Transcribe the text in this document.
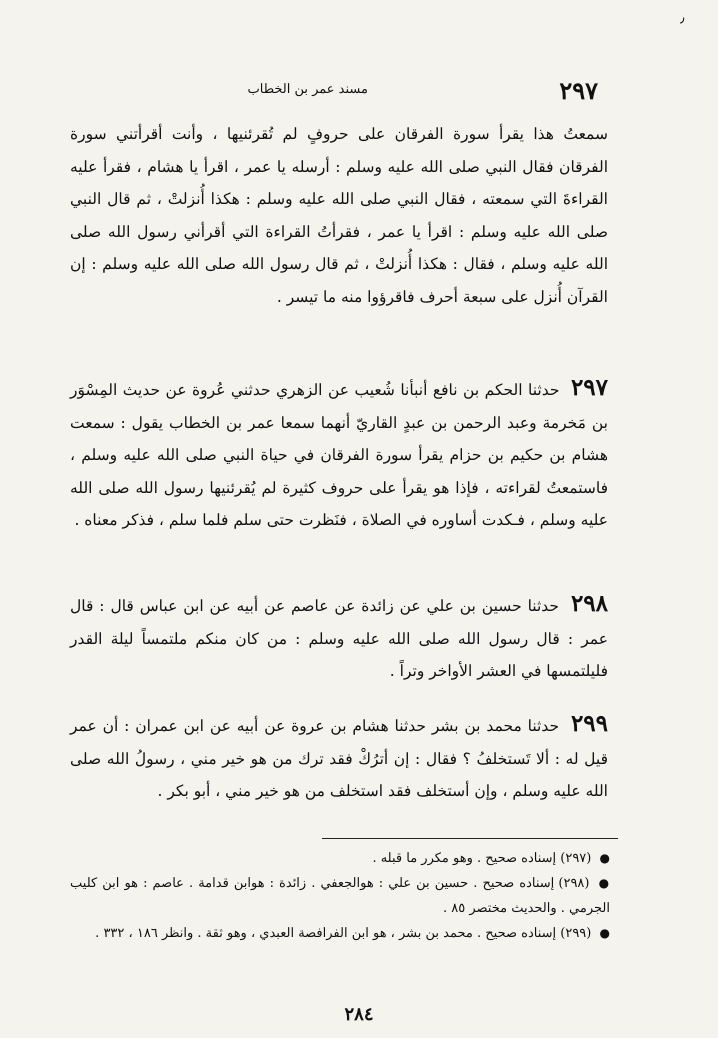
٫
٢٩٧
مسند عمر بن الخطاب
سمعتُ هذا يقرأ سورة الفرقان على حروفٍ لم تُقرئنيها ، وأنت أقرأتني سورة الفرقان فقال النبي صلى الله عليه وسلم : أرسله يا عمر ، اقرأ يا هشام ، فقرأ عليه القراءةَ التي سمعته ، فقال النبي صلى الله عليه وسلم : هكذا أُنزلتْ ، ثم قال النبي صلى الله عليه وسلم : اقرأ يا عمر ، فقرأتُ القراءة التي أقرأني رسول الله صلى الله عليه وسلم ، فقال : هكذا أُنزلتْ ، ثم قال رسول الله صلى الله عليه وسلم : إن القرآن أُنزل على سبعة أحرف فاقرؤوا منه ما تيسر .
٢٩٧ حدثنا الحكم بن نافع أنبأنا شُعيب عن الزهري حدثني عُروة عن حديث المِسْوَر بن مَخرمة وعبد الرحمن بن عبدٍ القاريّ أنهما سمعا عمر بن الخطاب يقول : سمعت هشام بن حكيم بن حزام يقرأ سورة الفرقان في حياة النبي صلى الله عليه وسلم ، فاستمعتُ لقراءته ، فإذا هو يقرأ على حروف كثيرة لم يُقرئنيها رسول الله صلى الله عليه وسلم ، فـكدت أساوره في الصلاة ، فنَظرت حتى سلم فلما سلم ، فذكر معناه .
٢٩٨ حدثنا حسين بن علي عن زائدة عن عاصم عن أبيه عن ابن عباس قال : قال عمر : قال رسول الله صلى الله عليه وسلم : من كان منكم ملتمساً ليلة القدر فليلتمسها في العشر الأواخر وتراً .
٢٩٩ حدثنا محمد بن بشر حدثنا هشام بن عروة عن أبيه عن ابن عمران : أن عمر قيل له : ألا تَستخلفُ ؟ فقال : إن أترُكْ فقد ترك من هو خير مني ، رسولُ الله صلى الله عليه وسلم ، وإن أستخلف فقد استخلف من هو خير مني ، أبو بكر .

● (٢٩٧) إسناده صحيح . وهو مكرر ما قبله .

● (٢٩٨) إسناده صحيح . حسين بن علي : هوالجعفي . زائدة : هوابن قدامة . عاصم : هو ابن كليب الجرمي . والحديث مختصر ٨٥ .

● (٢٩٩) إسناده صحيح . محمد بن بشر ، هو ابن الفرافصة العبدي ، وهو ثقة . وانظر ١٨٦ ، ٣٣٢ .

٢٨٤
